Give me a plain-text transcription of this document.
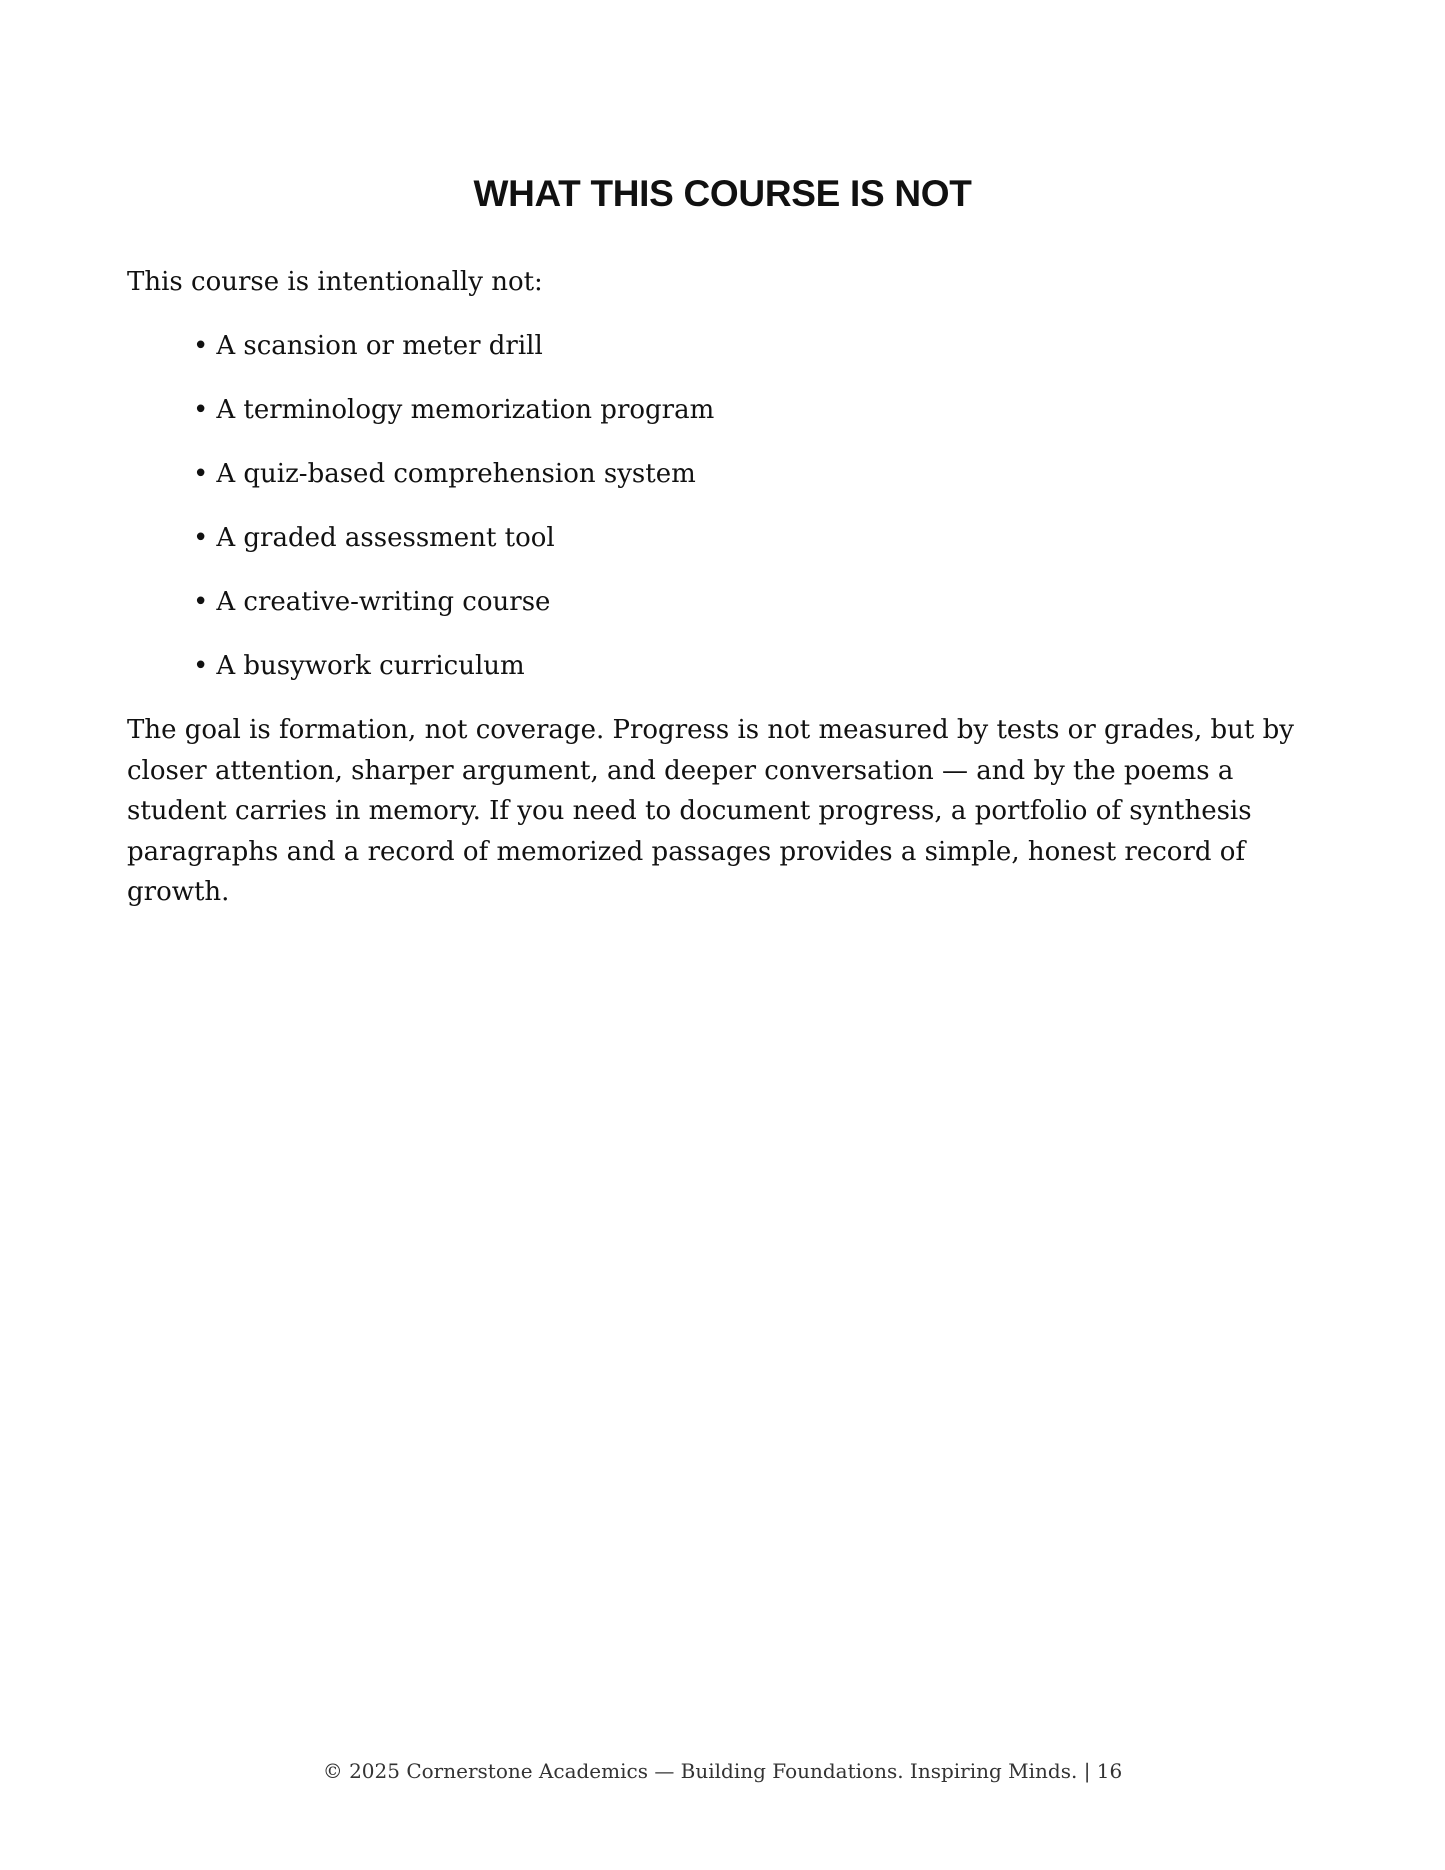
WHAT THIS COURSE IS NOT

This course is intentionally not:

• A scansion or meter drill
• A terminology memorization program
• A quiz-based comprehension system
• A graded assessment tool
• A creative-writing course
• A busywork curriculum

The goal is formation, not coverage. Progress is not measured by tests or grades, but by closer attention, sharper argument, and deeper conversation — and by the poems a student carries in memory. If you need to document progress, a portfolio of synthesis paragraphs and a record of memorized passages provides a simple, honest record of growth.

© 2025 Cornerstone Academics — Building Foundations. Inspiring Minds. | 16
